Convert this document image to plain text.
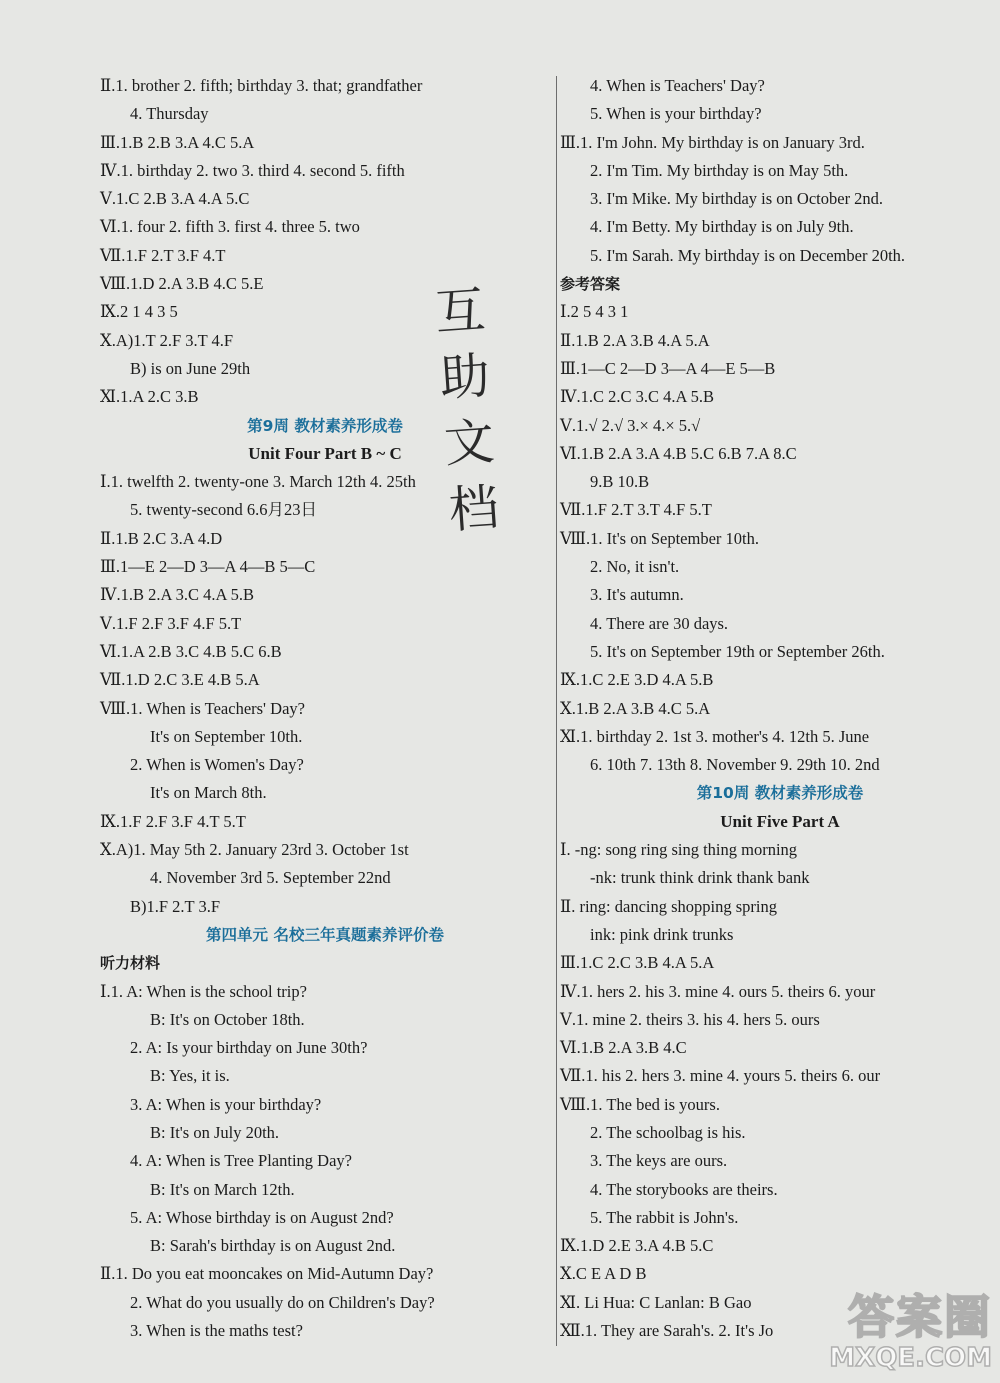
Ⅱ.1. brother 2. fifth; birthday 3. that; grandfather
4. Thursday
Ⅲ.1.B 2.B 3.A 4.C 5.A
Ⅳ.1. birthday 2. two 3. third 4. second 5. fifth
Ⅴ.1.C 2.B 3.A 4.A 5.C
Ⅵ.1. four 2. fifth 3. first 4. three 5. two
Ⅶ.1.F 2.T 3.F 4.T
Ⅷ.1.D 2.A 3.B 4.C 5.E
Ⅸ.2 1 4 3 5
Ⅹ.A)1.T 2.F 3.T 4.F
B) is on June 29th
Ⅺ.1.A 2.C 3.B
第9周 教材素养形成卷
Unit Four Part B ~ C
Ⅰ.1. twelfth 2. twenty-one 3. March 12th 4. 25th
5. twenty-second 6.6月23日
Ⅱ.1.B 2.C 3.A 4.D
Ⅲ.1—E 2—D 3—A 4—B 5—C
Ⅳ.1.B 2.A 3.C 4.A 5.B
Ⅴ.1.F 2.F 3.F 4.F 5.T
Ⅵ.1.A 2.B 3.C 4.B 5.C 6.B
Ⅶ.1.D 2.C 3.E 4.B 5.A
Ⅷ.1. When is Teachers' Day?
It's on September 10th.
2. When is Women's Day?
It's on March 8th.
Ⅸ.1.F 2.F 3.F 4.T 5.T
Ⅹ.A)1. May 5th 2. January 23rd 3. October 1st
4. November 3rd 5. September 22nd
B)1.F 2.T 3.F
第四单元 名校三年真题素养评价卷
听力材料
Ⅰ.1. A: When is the school trip?
B: It's on October 18th.
2. A: Is your birthday on June 30th?
B: Yes, it is.
3. A: When is your birthday?
B: It's on July 20th.
4. A: When is Tree Planting Day?
B: It's on March 12th.
5. A: Whose birthday is on August 2nd?
B: Sarah's birthday is on August 2nd.
Ⅱ.1. Do you eat mooncakes on Mid-Autumn Day?
2. What do you usually do on Children's Day?
3. When is the maths test?
4. When is Teachers' Day?
5. When is your birthday?
Ⅲ.1. I'm John. My birthday is on January 3rd.
2. I'm Tim. My birthday is on May 5th.
3. I'm Mike. My birthday is on October 2nd.
4. I'm Betty. My birthday is on July 9th.
5. I'm Sarah. My birthday is on December 20th.
参考答案
Ⅰ.2 5 4 3 1
Ⅱ.1.B 2.A 3.B 4.A 5.A
Ⅲ.1—C 2—D 3—A 4—E 5—B
Ⅳ.1.C 2.C 3.C 4.A 5.B
Ⅴ.1.√ 2.√ 3.× 4.× 5.√
Ⅵ.1.B 2.A 3.A 4.B 5.C 6.B 7.A 8.C
9.B 10.B
Ⅶ.1.F 2.T 3.T 4.F 5.T
Ⅷ.1. It's on September 10th.
2. No, it isn't.
3. It's autumn.
4. There are 30 days.
5. It's on September 19th or September 26th.
Ⅸ.1.C 2.E 3.D 4.A 5.B
Ⅹ.1.B 2.A 3.B 4.C 5.A
Ⅺ.1. birthday 2. 1st 3. mother's 4. 12th 5. June
6. 10th 7. 13th 8. November 9. 29th 10. 2nd
第10周 教材素养形成卷
Unit Five Part A
Ⅰ. -ng: song ring sing thing morning
-nk: trunk think drink thank bank
Ⅱ. ring: dancing shopping spring
ink: pink drink trunks
Ⅲ.1.C 2.C 3.B 4.A 5.A
Ⅳ.1. hers 2. his 3. mine 4. ours 5. theirs 6. your
Ⅴ.1. mine 2. theirs 3. his 4. hers 5. ours
Ⅵ.1.B 2.A 3.B 4.C
Ⅶ.1. his 2. hers 3. mine 4. yours 5. theirs 6. our
Ⅷ.1. The bed is yours.
2. The schoolbag is his.
3. The keys are ours.
4. The storybooks are theirs.
5. The rabbit is John's.
Ⅸ.1.D 2.E 3.A 4.B 5.C
Ⅹ.C E A D B
Ⅺ. Li Hua: C Lanlan: B Gao
Ⅻ.1. They are Sarah's. 2. It's Jo
互
助
文
档
答案圈
MXQE.COM
